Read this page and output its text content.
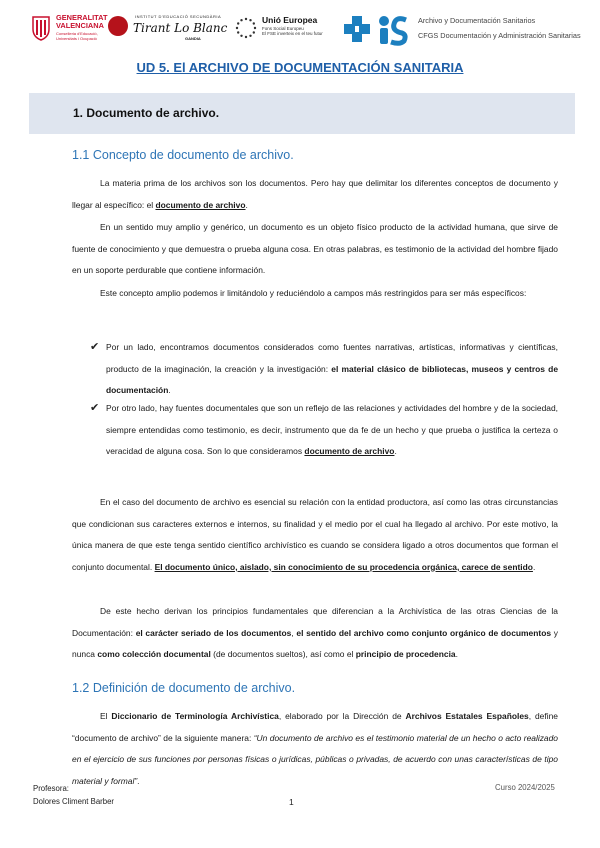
GENERALITAT
VALENCIANA
Conselleria d'Educació, Universitats i Ocupació
INSTITUT D'EDUCACIÓ SECUNDÀRIA
Tirant Lo Blanc
GANDIA
Unió Europea
Fons Social Europeu
El FSE inverteix en el teu futur
Archivo y Documentación Sanitarios
CFGS Documentación y Administración Sanitarias
UD 5. El ARCHIVO DE DOCUMENTACIÓN SANITARIA
1. Documento de archivo.
1.1 Concepto de documento de archivo.
La materia prima de los archivos son los documentos. Pero hay que delimitar los diferentes conceptos de documento y llegar al específico: el documento de archivo.
En un sentido muy amplio y genérico, un documento es un objeto físico producto de la actividad humana, que sirve de fuente de conocimiento y que demuestra o prueba alguna cosa. En otras palabras, es testimonio de la actividad del hombre fijado en un soporte perdurable que contiene información.
Este concepto amplio podemos ir limitándolo y reduciéndolo a campos más restringidos para ser más específicos:
✔ Por un lado, encontramos documentos considerados como fuentes narrativas, artísticas, informativas y científicas, producto de la imaginación, la creación y la investigación: el material clásico de bibliotecas, museos y centros de documentación.
✔ Por otro lado, hay fuentes documentales que son un reflejo de las relaciones y actividades del hombre y de la sociedad, siempre entendidas como testimonio, es decir, instrumento que da fe de un hecho y que prueba o justifica la certeza o veracidad de alguna cosa. Son lo que consideramos documento de archivo.
En el caso del documento de archivo es esencial su relación con la entidad productora, así como las otras circunstancias que condicionan sus caracteres externos e internos, su finalidad y el medio por el cual ha llegado al archivo. Por este motivo, la única manera de que este tenga sentido científico archivístico es cuando se considera ligado a otros documentos que forman el conjunto documental. El documento único, aislado, sin conocimiento de su procedencia orgánica, carece de sentido.
De este hecho derivan los principios fundamentales que diferencian a la Archivística de las otras Ciencias de la Documentación: el carácter seriado de los documentos, el sentido del archivo como conjunto orgánico de documentos y nunca como colección documental (de documentos sueltos), así como el principio de procedencia.
1.2 Definición de documento de archivo.
El Diccionario de Terminología Archivística, elaborado por la Dirección de Archivos Estatales Españoles, define “documento de archivo” de la siguiente manera: “Un documento de archivo es el testimonio material de un hecho o acto realizado en el ejercicio de sus funciones por personas físicas o jurídicas, públicas o privadas, de acuerdo con unas características de tipo material y formal”.
Profesora:
Dolores Climent Barber	1
Curso 2024/2025
